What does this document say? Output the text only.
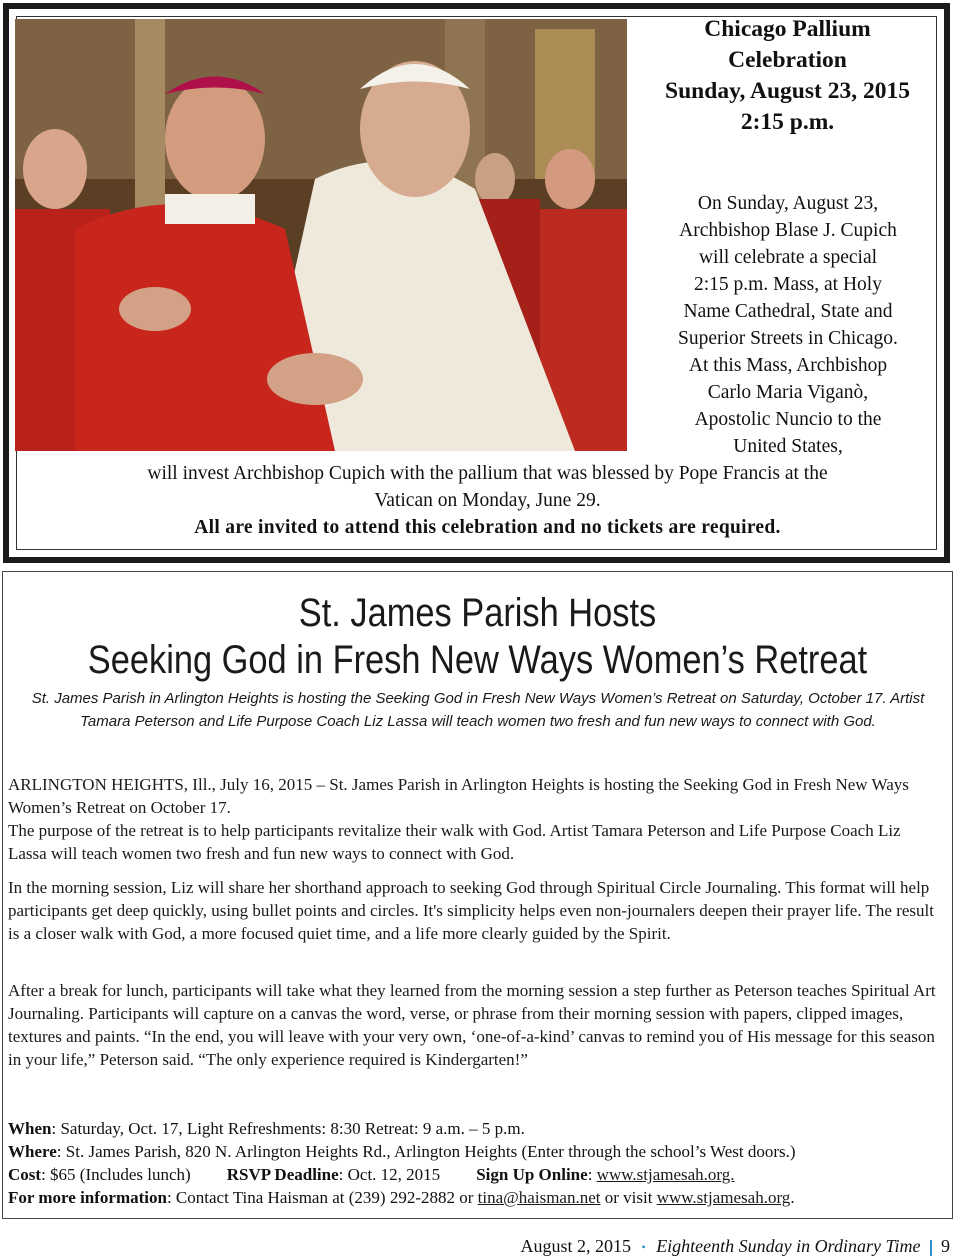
Chicago Pallium
Celebration
Sunday, August 23, 2015
2:15 p.m.
On Sunday, August 23,
Archbishop Blase J. Cupich
will celebrate a special
2:15 p.m. Mass, at Holy
Name Cathedral, State and
Superior Streets in Chicago.
At this Mass, Archbishop
Carlo Maria Viganò,
Apostolic Nuncio to the
United States,
will invest Archbishop Cupich with the pallium that was blessed by Pope Francis at the
Vatican on Monday, June 29.
All are invited to attend this celebration and no tickets are required.
St. James Parish Hosts
Seeking God in Fresh New Ways Women’s Retreat
St. James Parish in Arlington Heights is hosting the Seeking God in Fresh New Ways Women’s Retreat on Saturday, October 17. Artist Tamara Peterson and Life Purpose Coach Liz Lassa will teach women two fresh and fun new ways to connect with God.

ARLINGTON HEIGHTS, Ill., July 16, 2015 – St. James Parish in Arlington Heights is hosting the Seeking God in Fresh New Ways Women’s Retreat on October 17.

The purpose of the retreat is to help participants revitalize their walk with God. Artist Tamara Peterson and Life Purpose Coach Liz Lassa will teach women two fresh and fun new ways to connect with God.

In the morning session, Liz will share her shorthand approach to seeking God through Spiritual Circle Journaling. This format will help participants get deep quickly, using bullet points and circles. It's simplicity helps even non-journalers deepen their prayer life. The result is a closer walk with God, a more focused quiet time, and a life more clearly guided by the Spirit.
After a break for lunch, participants will take what they learned from the morning session a step further as Peterson teaches Spiritual Art Journaling. Participants will capture on a canvas the word, verse, or phrase from their morning session with papers, clipped images, textures and paints. “In the end, you will leave with your very own, ‘one-of-a-kind’ canvas to remind you of His message for this season in your life,” Peterson said. “The only experience required is Kindergarten!”
When: Saturday, Oct. 17, Light Refreshments: 8:30 Retreat: 9 a.m. – 5 p.m.
Where: St. James Parish, 820 N. Arlington Heights Rd., Arlington Heights (Enter through the school’s West doors.)
Cost: $65 (Includes lunch) RSVP Deadline: Oct. 12, 2015 Sign Up Online: www.stjamesah.org.
For more information: Contact Tina Haisman at (239) 292-2882 or tina@haisman.net or visit www.stjamesah.org.
August 2, 2015 • Eighteenth Sunday in Ordinary Time 9
